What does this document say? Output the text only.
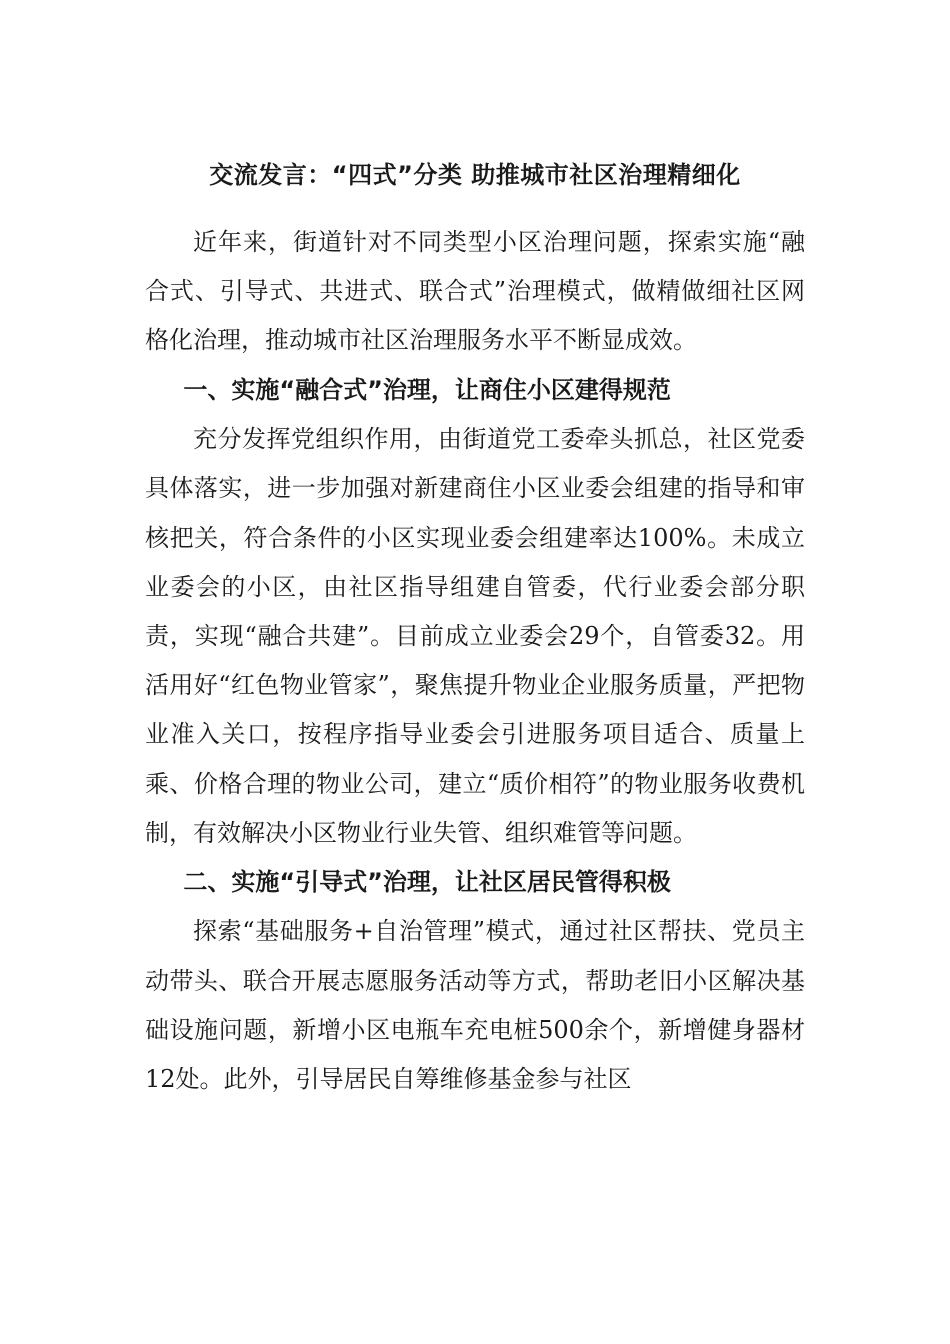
交流发言：“四式”分类 助推城市社区治理精细化

近年来，街道针对不同类型小区治理问题，探索实施“融合式、引导式、共进式、联合式”治理模式，做精做细社区网格化治理，推动城市社区治理服务水平不断显成效。

一、实施“融合式”治理，让商住小区建得规范

充分发挥党组织作用，由街道党工委牵头抓总，社区党委具体落实，进一步加强对新建商住小区业委会组建的指导和审核把关，符合条件的小区实现业委会组建率达100%。未成立业委会的小区，由社区指导组建自管委，代行业委会部分职责，实现“融合共建”。目前成立业委会29个，自管委32。用活用好“红色物业管家”，聚焦提升物业企业服务质量，严把物业准入关口，按程序指导业委会引进服务项目适合、质量上乘、价格合理的物业公司，建立“质价相符”的物业服务收费机制，有效解决小区物业行业失管、组织难管等问题。

二、实施“引导式”治理，让社区居民管得积极

探索“基础服务+自治管理”模式，通过社区帮扶、党员主动带头、联合开展志愿服务活动等方式，帮助老旧小区解决基础设施问题，新增小区电瓶车充电桩500余个，新增健身器材12处。此外，引导居民自筹维修基金参与社区
